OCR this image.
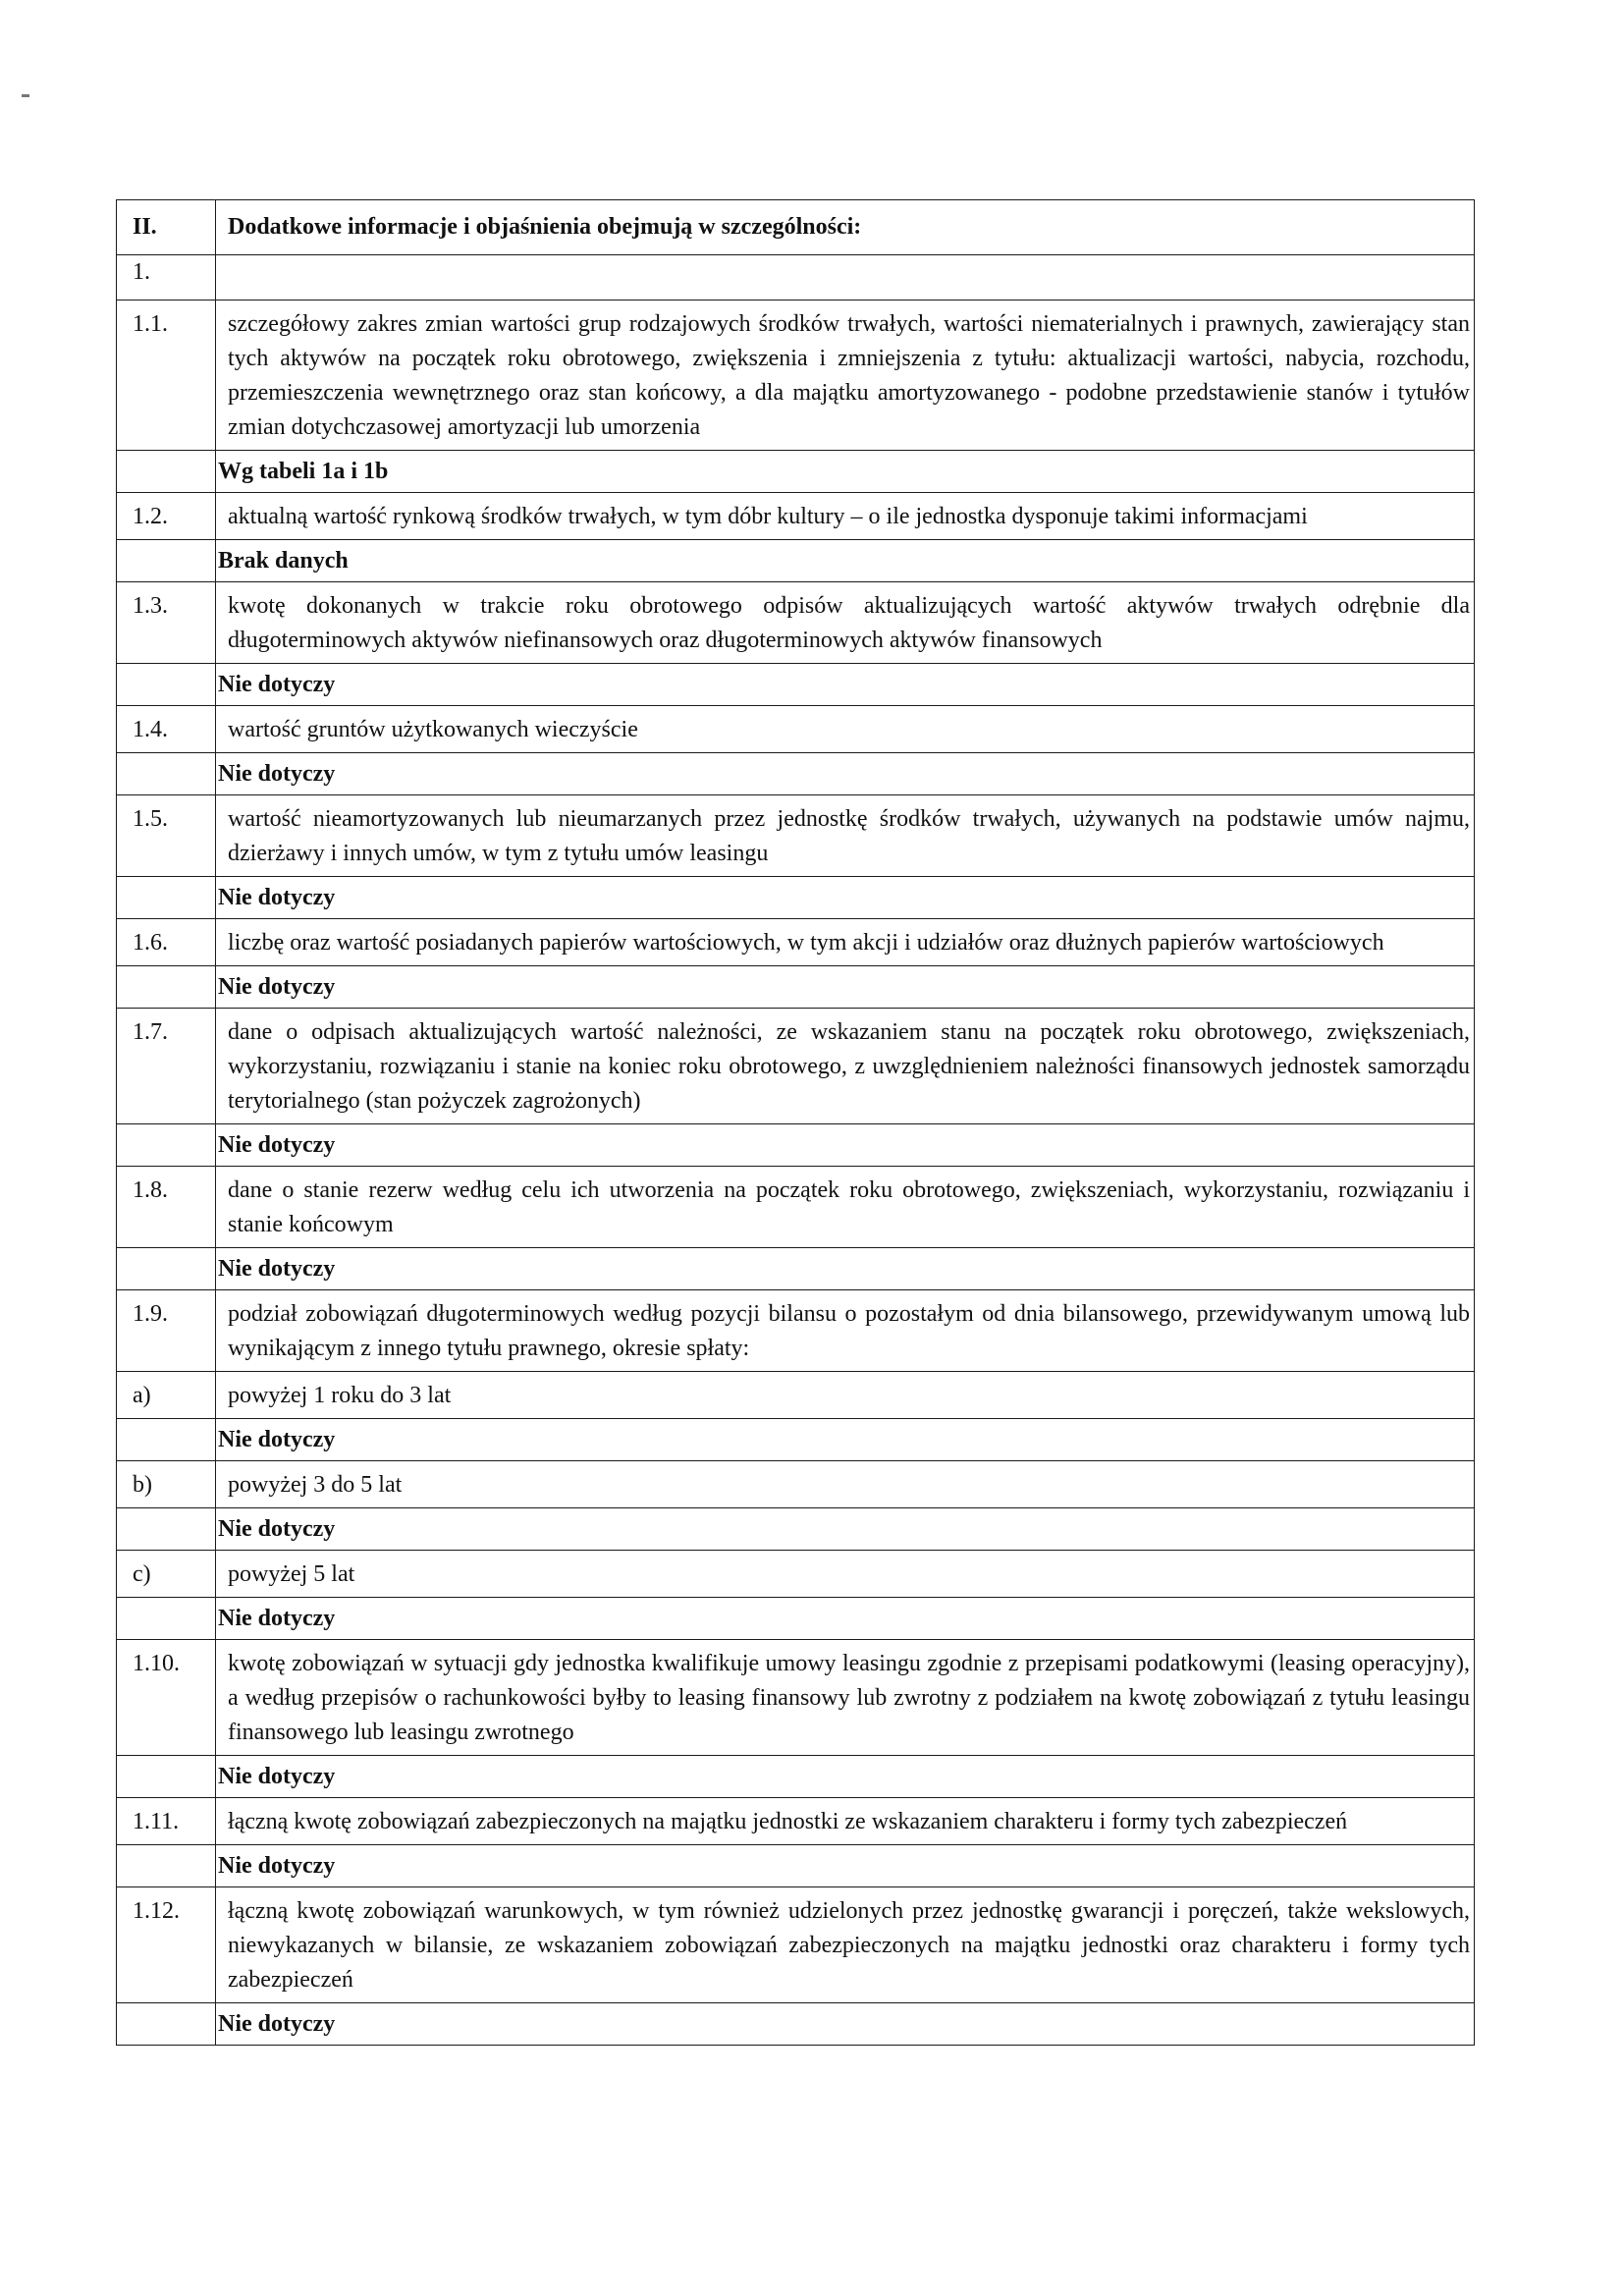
II.	Dodatkowe informacje i objaśnienia obejmują w szczególności:
1.	
1.1.	szczegółowy zakres zmian wartości grup rodzajowych środków trwałych, wartości niematerialnych i prawnych, zawierający stan tych aktywów na początek roku obrotowego, zwiększenia i zmniejszenia z tytułu: aktualizacji wartości, nabycia, rozchodu, przemieszczenia wewnętrznego oraz stan końcowy, a dla majątku amortyzowanego - podobne przedstawienie stanów i tytułów zmian dotychczasowej amortyzacji lub umorzenia
	Wg tabeli 1a i 1b
1.2.	aktualną wartość rynkową środków trwałych, w tym dóbr kultury – o ile jednostka dysponuje takimi informacjami
	Brak danych
1.3.	kwotę dokonanych w trakcie roku obrotowego odpisów aktualizujących wartość aktywów trwałych odrębnie dla długoterminowych aktywów niefinansowych oraz długoterminowych aktywów finansowych
	Nie dotyczy
1.4.	wartość gruntów użytkowanych wieczyście
	Nie dotyczy
1.5.	wartość nieamortyzowanych lub nieumarzanych przez jednostkę środków trwałych, używanych na podstawie umów najmu, dzierżawy i innych umów, w tym z tytułu umów leasingu
	Nie dotyczy
1.6.	liczbę oraz wartość posiadanych papierów wartościowych, w tym akcji i udziałów oraz dłużnych papierów wartościowych
	Nie dotyczy
1.7.	dane o odpisach aktualizujących wartość należności, ze wskazaniem stanu na początek roku obrotowego, zwiększeniach, wykorzystaniu, rozwiązaniu i stanie na koniec roku obrotowego, z uwzględnieniem należności finansowych jednostek samorządu terytorialnego (stan pożyczek zagrożonych)
	Nie dotyczy
1.8.	dane o stanie rezerw według celu ich utworzenia na początek roku obrotowego, zwiększeniach, wykorzystaniu, rozwiązaniu i stanie końcowym
	Nie dotyczy
1.9.	podział zobowiązań długoterminowych według pozycji bilansu o pozostałym od dnia bilansowego, przewidywanym umową lub wynikającym z innego tytułu prawnego, okresie spłaty:
a)	powyżej 1 roku do 3 lat
	Nie dotyczy
b)	powyżej 3 do 5 lat
	Nie dotyczy
c)	powyżej 5 lat
	Nie dotyczy
1.10.	kwotę zobowiązań w sytuacji gdy jednostka kwalifikuje umowy leasingu zgodnie z przepisami podatkowymi (leasing operacyjny), a według przepisów o rachunkowości byłby to leasing finansowy lub zwrotny z podziałem na kwotę zobowiązań z tytułu leasingu finansowego lub leasingu zwrotnego
	Nie dotyczy
1.11.	łączną kwotę zobowiązań zabezpieczonych na majątku jednostki ze wskazaniem charakteru i formy tych zabezpieczeń
	Nie dotyczy
1.12.	łączną kwotę zobowiązań warunkowych, w tym również udzielonych przez jednostkę gwarancji i poręczeń, także wekslowych, niewykazanych w bilansie, ze wskazaniem zobowiązań zabezpieczonych na majątku jednostki oraz charakteru i formy tych zabezpieczeń
	Nie dotyczy
